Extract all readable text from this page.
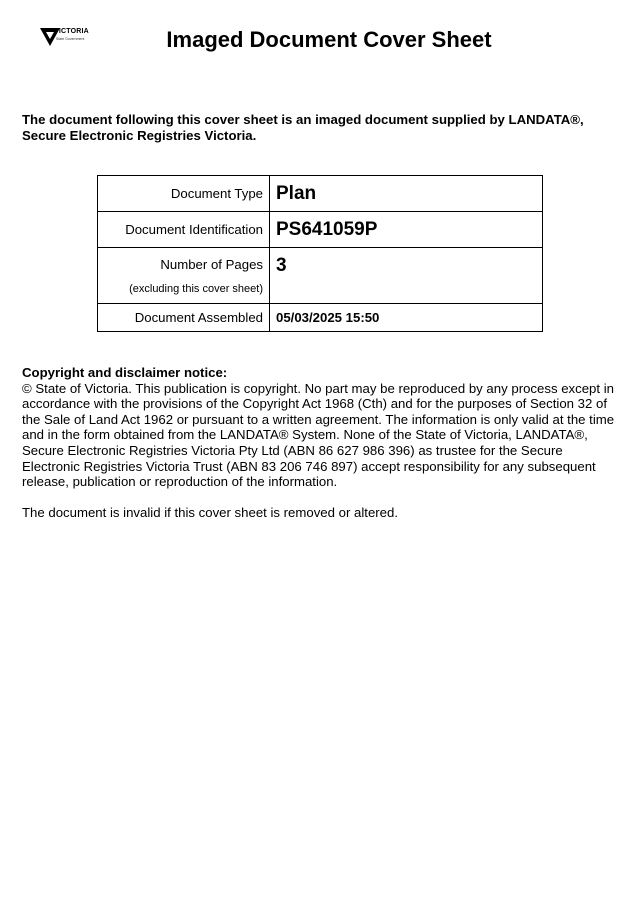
VICTORIA
State Government	Imaged Document Cover Sheet

The document following this cover sheet is an imaged document supplied by LANDATA®, Secure Electronic Registries Victoria.

Document Type	Plan
Document Identification	PS641059P

Number of Pages
(excluding this cover sheet)	3

Document Assembled	05/03/2025 15:50
Copyright and disclaimer notice:
© State of Victoria. This publication is copyright. No part may be reproduced by any process except in accordance with the provisions of the Copyright Act 1968 (Cth) and for the purposes of Section 32 of the Sale of Land Act 1962 or pursuant to a written agreement. The information is only valid at the time and in the form obtained from the LANDATA® System. None of the State of Victoria, LANDATA®, Secure Electronic Registries Victoria Pty Ltd (ABN 86 627 986 396) as trustee for the Secure Electronic Registries Victoria Trust (ABN 83 206 746 897) accept responsibility for any subsequent release, publication or reproduction of the information.

The document is invalid if this cover sheet is removed or altered.
